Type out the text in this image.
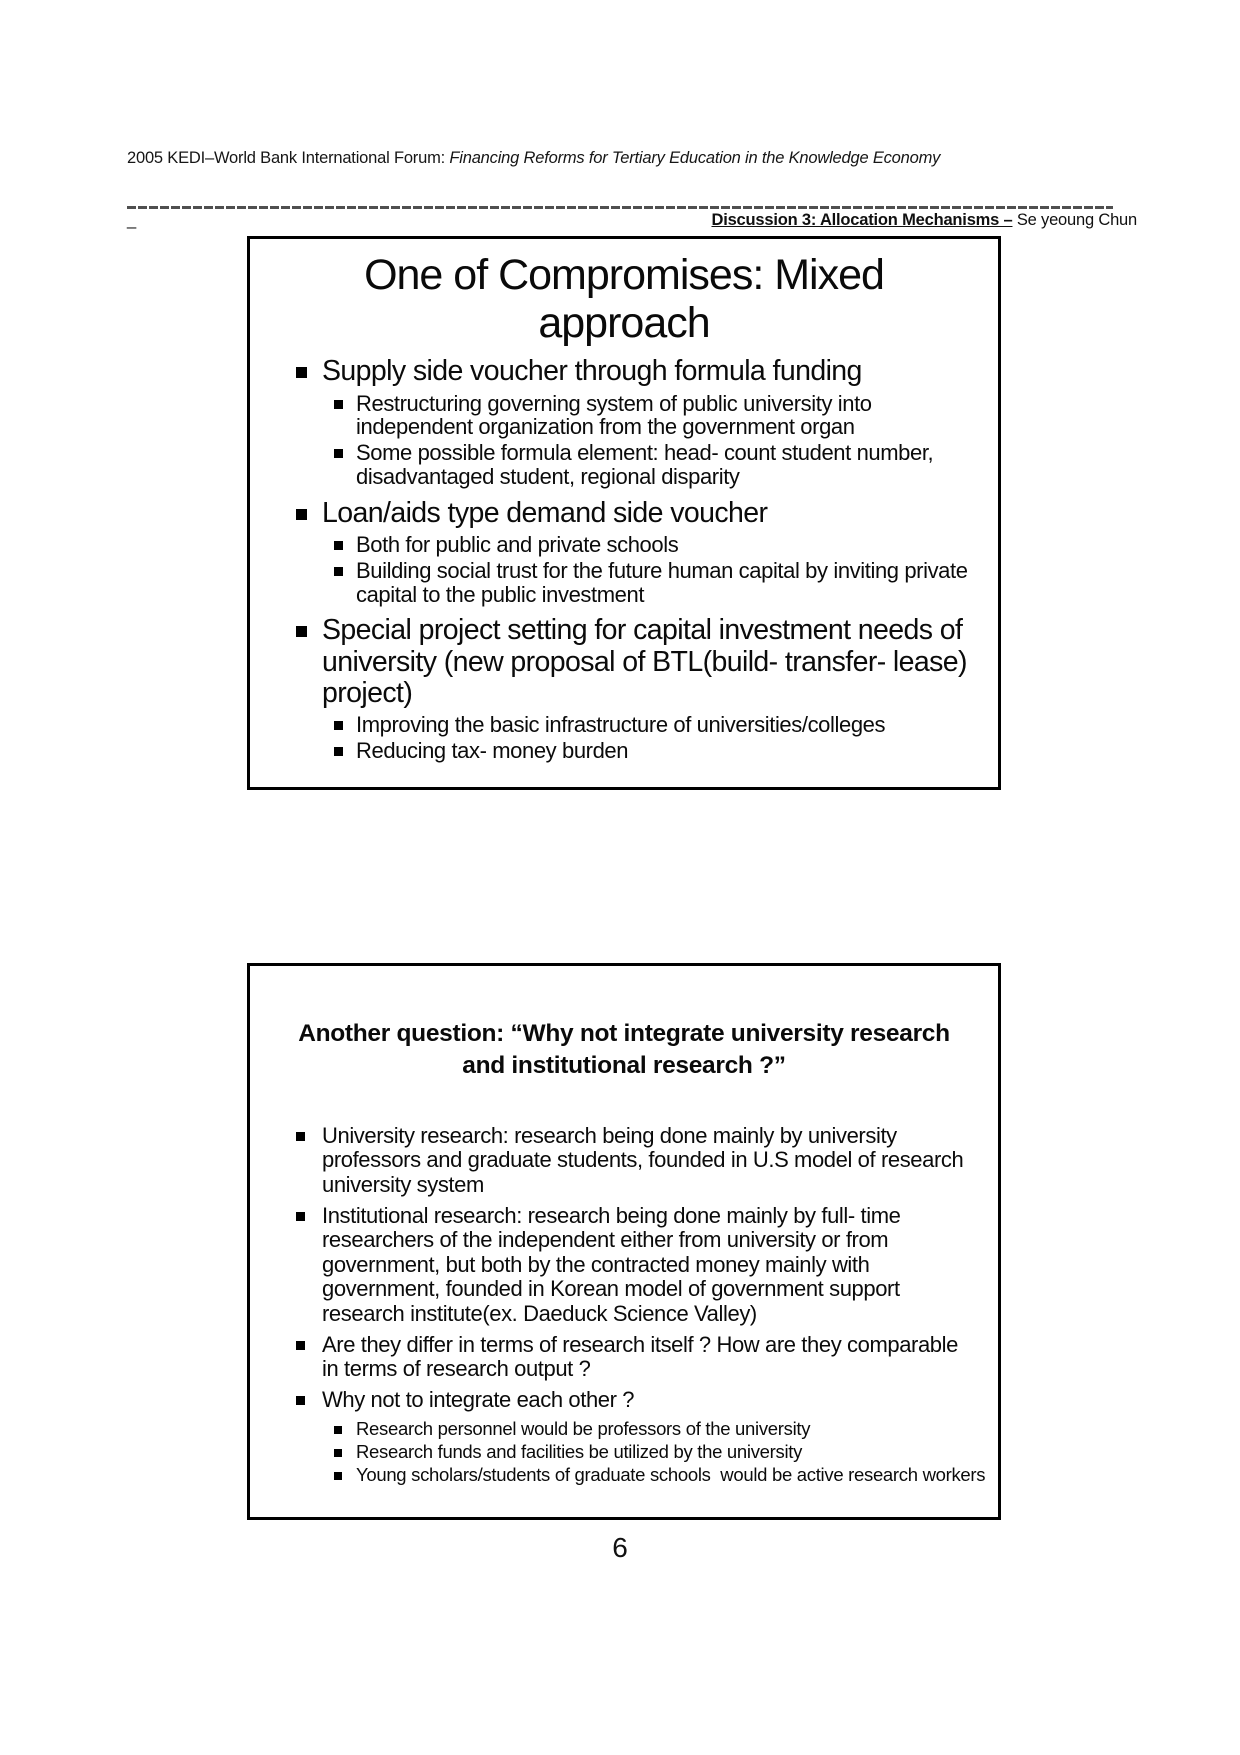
2005 KEDI–World Bank International Forum: Financing Reforms for Tertiary Education in the Knowledge Economy
_	Discussion 3: Allocation Mechanisms – Se yeoung Chun
One of Compromises: Mixed
approach
Supply side voucher through formula funding
Restructuring governing system of public university into independent organization from the government organ
Some possible formula element: head- count student number, disadvantaged student, regional disparity
Loan/aids type demand side voucher
Both for public and private schools
Building social trust for the future human capital by inviting private capital to the public investment
Special project setting for capital investment needs of university (new proposal of BTL(build- transfer- lease) project)
Improving the basic infrastructure of universities/colleges
Reducing tax- money burden
Another question: “Why not integrate university research
and institutional research ?”
University research: research being done mainly by university professors and graduate students, founded in U.S model of research university system
Institutional research: research being done mainly by full- time researchers of the independent either from university or from government, but both by the contracted money mainly with government, founded in Korean model of government support research institute(ex. Daeduck Science Valley)
Are they differ in terms of research itself ? How are they comparable in terms of research output ?
Why not to integrate each other ?
Research personnel would be professors of the university
Research funds and facilities be utilized by the university
Young scholars/students of graduate schools  would be active research workers
6
